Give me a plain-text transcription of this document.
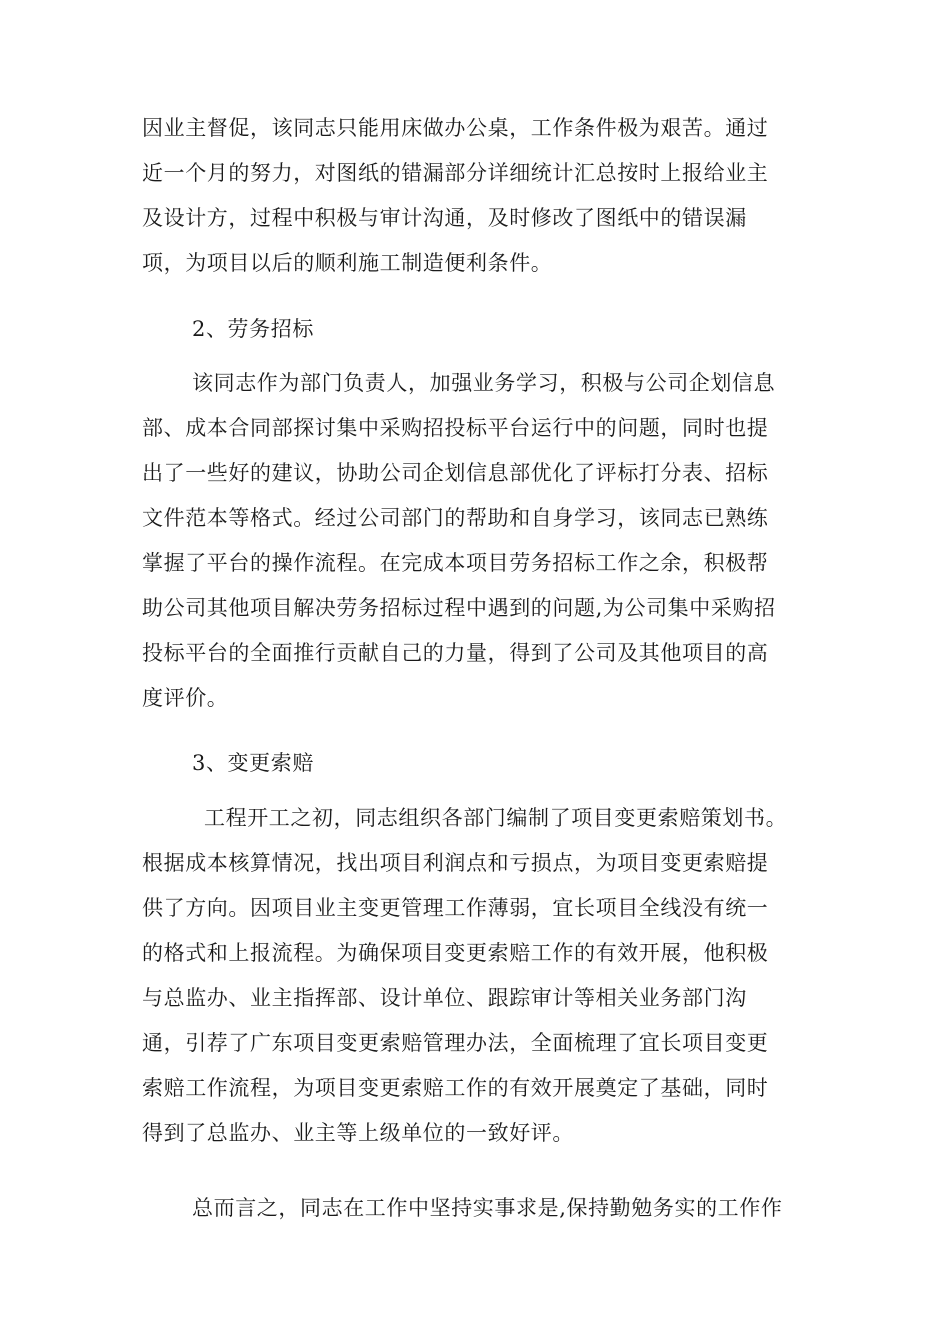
因业主督促，该同志只能用床做办公桌，工作条件极为艰苦。通过
近一个月的努力，对图纸的错漏部分详细统计汇总按时上报给业主
及设计方，过程中积极与审计沟通，及时修改了图纸中的错误漏
项，为项目以后的顺利施工制造便利条件。
2、劳务招标
该同志作为部门负责人，加强业务学习，积极与公司企划信息
部、成本合同部探讨集中采购招投标平台运行中的问题，同时也提
出了一些好的建议，协助公司企划信息部优化了评标打分表、招标
文件范本等格式。经过公司部门的帮助和自身学习，该同志已熟练
掌握了平台的操作流程。在完成本项目劳务招标工作之余，积极帮
助公司其他项目解决劳务招标过程中遇到的问题,为公司集中采购招
投标平台的全面推行贡献自己的力量，得到了公司及其他项目的高
度评价。
3、变更索赔
工程开工之初，同志组织各部门编制了项目变更索赔策划书。
根据成本核算情况，找出项目利润点和亏损点，为项目变更索赔提
供了方向。因项目业主变更管理工作薄弱，宜长项目全线没有统一
的格式和上报流程。为确保项目变更索赔工作的有效开展，他积极
与总监办、业主指挥部、设计单位、跟踪审计等相关业务部门沟
通，引荐了广东项目变更索赔管理办法，全面梳理了宜长项目变更
索赔工作流程，为项目变更索赔工作的有效开展奠定了基础，同时
得到了总监办、业主等上级单位的一致好评。
总而言之，同志在工作中坚持实事求是,保持勤勉务实的工作作
